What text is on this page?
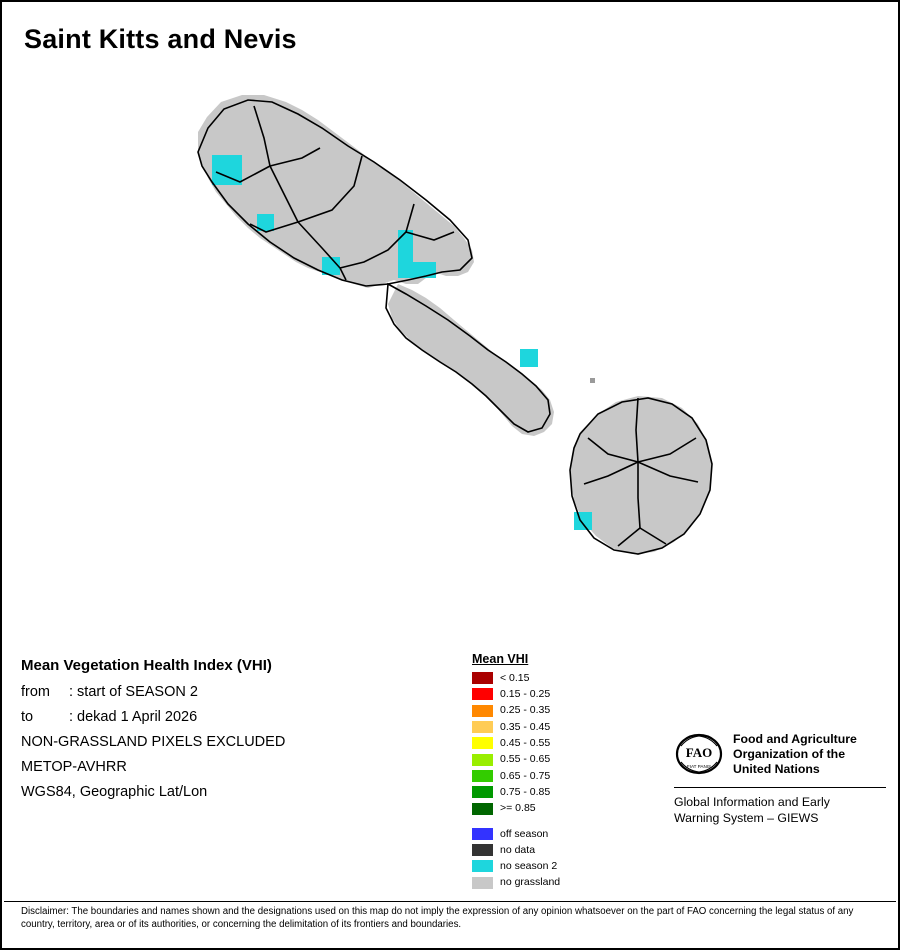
Saint Kitts and Nevis
Mean Vegetation Health Index (VHI)
from : start of SEASON 2
to : dekad 1 April 2026
NON-GRASSLAND PIXELS EXCLUDED
METOP-AVHRR
WGS84, Geographic Lat/Lon
Mean VHI
< 0.15
0.15 - 0.25
0.25 - 0.35
0.35 - 0.45
0.45 - 0.55
0.55 - 0.65
0.65 - 0.75
0.75 - 0.85
>= 0.85
off season
no data
no season 2
no grassland
FAO
FIAT PANIS
Food and Agriculture
Organization of the
United Nations
Global Information and Early
Warning System – GIEWS
Disclaimer: The boundaries and names shown and the designations used on this map do not imply the expression of any opinion whatsoever on the part of FAO concerning the legal status of any country, territory, area or of its authorities, or concerning the delimitation of its frontiers and boundaries.
